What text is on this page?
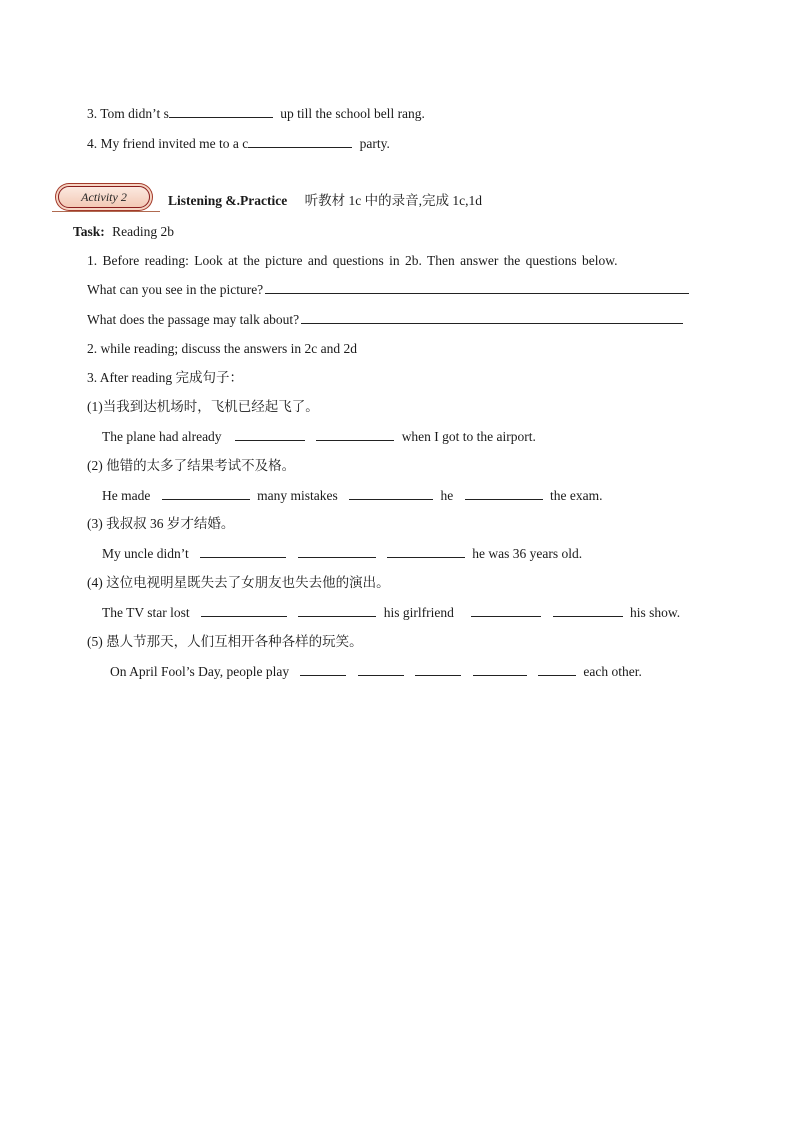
3. Tom didn’t s	up till the school bell rang.
4. My friend invited me to a c	party.
Activity 2	Listening &.Practice 听教材 1c 中的录音,完成 1c,1d
Task: Reading 2b
1. Before reading: Look at the picture and questions in 2b. Then answer the questions below.
What can you see in the picture?
What does the passage may talk about?
2. while reading; discuss the answers in 2c and 2d
3. After reading 完成句子：
(1)当我到达机场时，飞机已经起飞了。
The plane had already	when I got to the airport.
(2) 他错的太多了结果考试不及格。
He made	many mistakes	he	the exam.
(3) 我叔叔 36 岁才结婚。
My uncle didn’t	he was 36 years old.
(4) 这位电视明星既失去了女朋友也失去他的演出。
The TV star lost	his girlfriend	his show.
(5) 愚人节那天，人们互相开各种各样的玩笑。
On April Fool’s Day, people play	each other.
